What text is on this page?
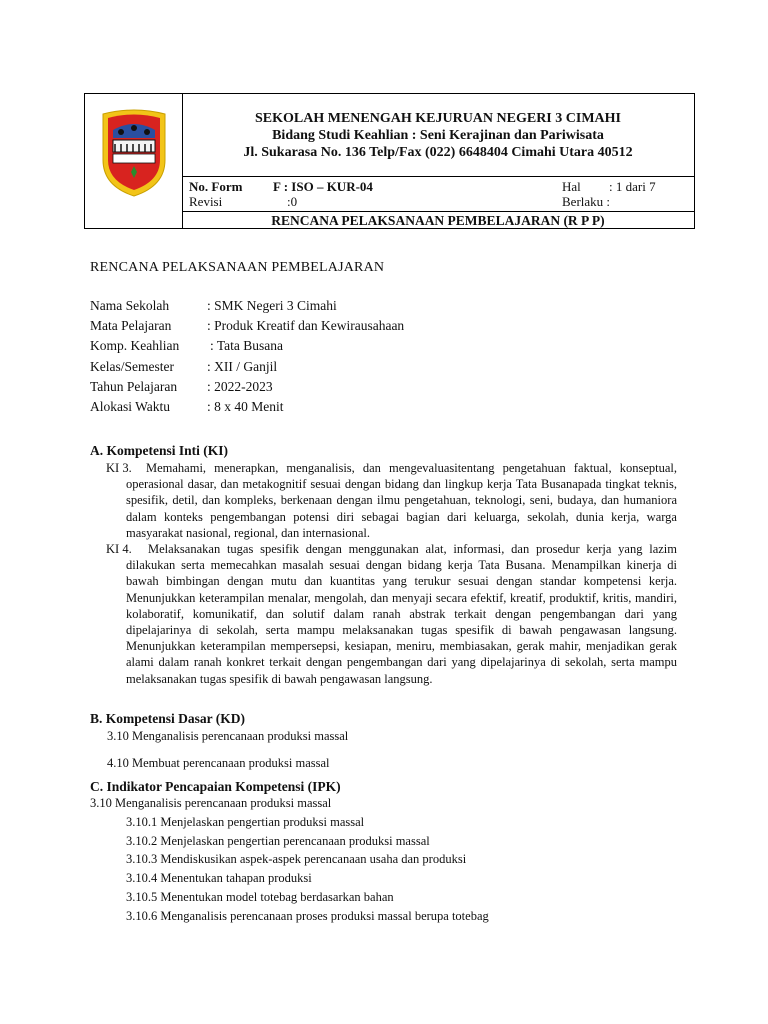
SEKOLAH MENENGAH KEJURUAN NEGERI 3 CIMAHI
Bidang Studi Keahlian : Seni Kerajinan dan Pariwisata
Jl. Sukarasa No. 136 Telp/Fax (022) 6648404 Cimahi Utara 40512
No. Form F : ISO – KUR-04	Hal : 1 dari 7
Revisi	:0	Berlaku :
RENCANA PELAKSANAAN PEMBELAJARAN (R P P)
RENCANA PELAKSANAAN PEMBELAJARAN
Nama Sekolah	: SMK Negeri 3 Cimahi
Mata Pelajaran	: Produk Kreatif dan Kewirausahaan
Komp. Keahlian : Tata Busana
Kelas/Semester : XII / Ganjil
Tahun Pelajaran : 2022-2023
Alokasi Waktu	: 8 x 40 Menit
A. Kompetensi Inti (KI)
KI 3.	Memahami, menerapkan, menganalisis, dan mengevaluasitentang pengetahuan faktual, konseptual, operasional dasar, dan metakognitif sesuai dengan bidang dan lingkup kerja Tata Busanapada tingkat teknis, spesifik, detil, dan kompleks, berkenaan dengan ilmu pengetahuan, teknologi, seni, budaya, dan humaniora dalam konteks pengembangan potensi diri sebagai bagian dari keluarga, sekolah, dunia kerja, warga masyarakat nasional, regional, dan internasional.
KI 4.	Melaksanakan tugas spesifik dengan menggunakan alat, informasi, dan prosedur kerja yang lazim dilakukan serta memecahkan masalah sesuai dengan bidang kerja Tata Busana. Menampilkan kinerja di bawah bimbingan dengan mutu dan kuantitas yang terukur sesuai dengan standar kompetensi kerja. Menunjukkan keterampilan menalar, mengolah, dan menyaji secara efektif, kreatif, produktif, kritis, mandiri, kolaboratif, komunikatif, dan solutif dalam ranah abstrak terkait dengan pengembangan dari yang dipelajarinya di sekolah, serta mampu melaksanakan tugas spesifik di bawah pengawasan langsung. Menunjukkan keterampilan mempersepsi, kesiapan, meniru, membiasakan, gerak mahir, menjadikan gerak alami dalam ranah konkret terkait dengan pengembangan dari yang dipelajarinya di sekolah, serta mampu melaksanakan tugas spesifik di bawah pengawasan langsung.
B. Kompetensi Dasar (KD)
3.10 Menganalisis perencanaan produksi massal
4.10 Membuat perencanaan produksi massal
C. Indikator Pencapaian Kompetensi (IPK)
3.10 Menganalisis perencanaan produksi massal
3.10.1 Menjelaskan pengertian produksi massal
3.10.2 Menjelaskan pengertian perencanaan produksi massal
3.10.3 Mendiskusikan aspek-aspek perencanaan usaha dan produksi
3.10.4 Menentukan tahapan produksi
3.10.5 Menentukan model totebag berdasarkan bahan
3.10.6 Menganalisis perencanaan proses produksi massal berupa totebag
